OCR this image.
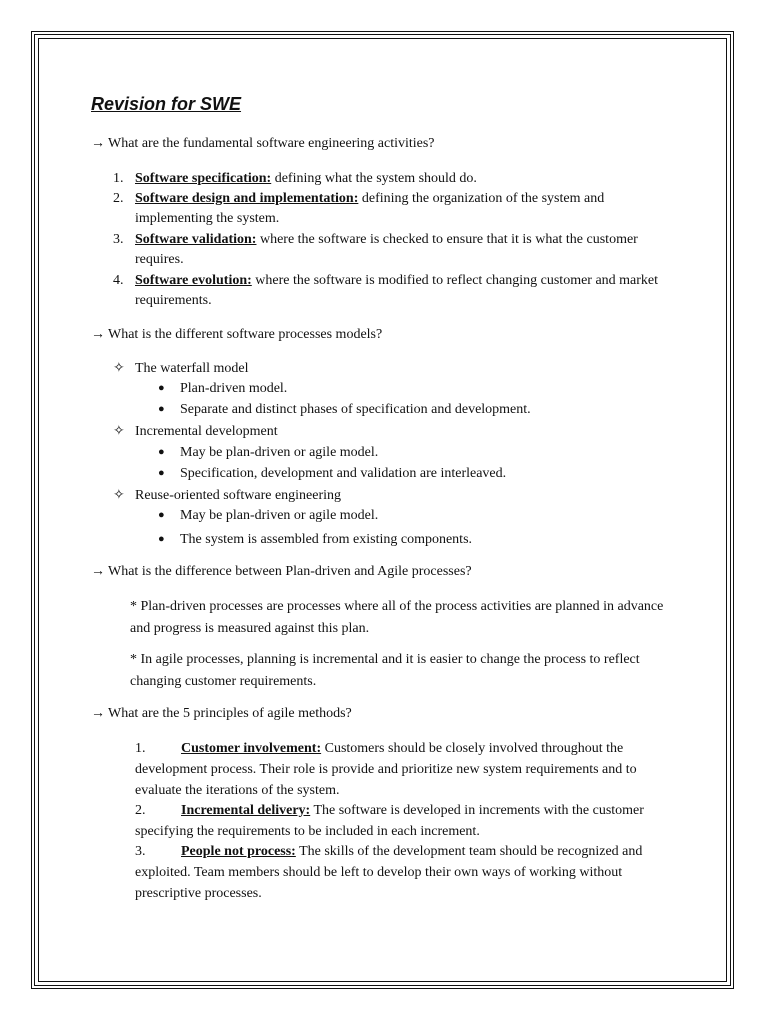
Revision for SWE
→ What are the fundamental software engineering activities?
1. Software specification: defining what the system should do.
2. Software design and implementation: defining the organization of the system and implementing the system.
3. Software validation: where the software is checked to ensure that it is what the customer requires.
4. Software evolution: where the software is modified to reflect changing customer and market requirements.
→ What is the different software processes models?
✧ The waterfall model
● Plan-driven model.
● Separate and distinct phases of specification and development.
✧ Incremental development
● May be plan-driven or agile model.
● Specification, development and validation are interleaved.
✧ Reuse-oriented software engineering
● May be plan-driven or agile model.
● The system is assembled from existing components.
→ What is the difference between Plan-driven and Agile processes?
* Plan-driven processes are processes where all of the process activities are planned in advance and progress is measured against this plan.
* In agile processes, planning is incremental and it is easier to change the process to reflect changing customer requirements.
→ What are the 5 principles of agile methods?
1.	Customer involvement: Customers should be closely involved throughout the development process. Their role is provide and prioritize new system requirements and to evaluate the iterations of the system.
2.	Incremental delivery: The software is developed in increments with the customer specifying the requirements to be included in each increment.
3.	People not process: The skills of the development team should be recognized and exploited. Team members should be left to develop their own ways of working without prescriptive processes.
